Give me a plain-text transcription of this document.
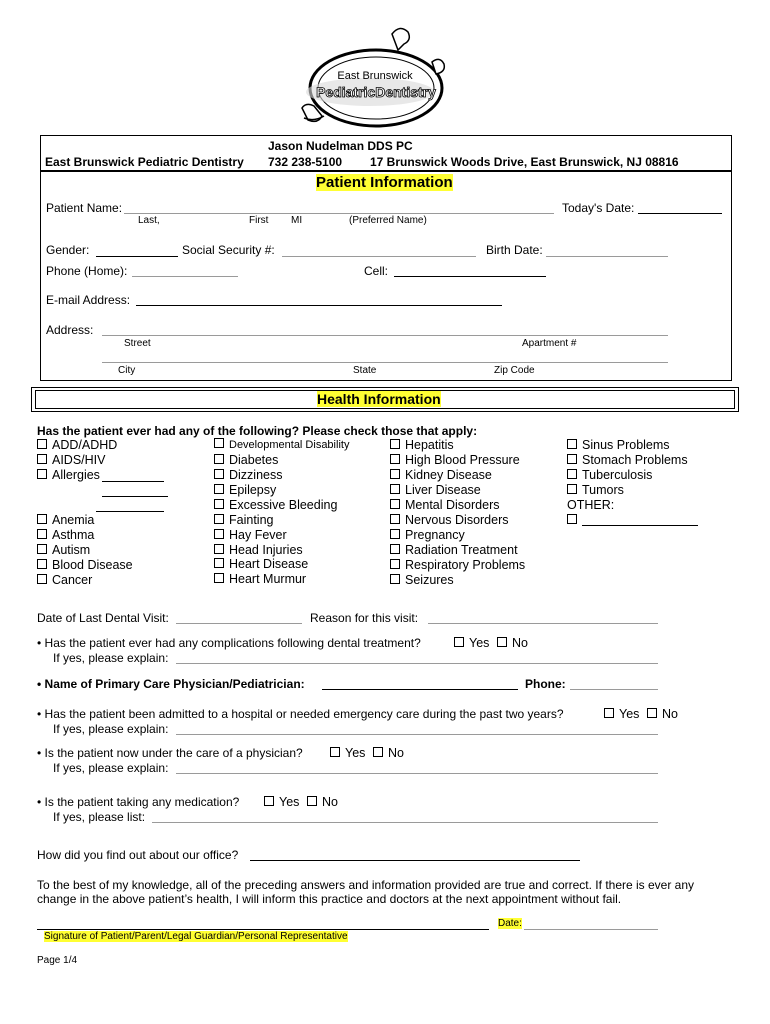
East Brunswick
PediatricDentistry
Jason Nudelman DDS PC
East Brunswick Pediatric Dentistry 732 238-5100 17 Brunswick Woods Drive, East Brunswick, NJ 08816
Patient Information
Patient Name:	Today's Date:
Last,	First MI	(Preferred Name)
Gender:	Social Security #:	Birth Date:
Phone (Home):	Cell:
E-mail Address:
Address:
Street	Apartment #
City	State	Zip Code
Health Information
Has the patient ever had any of the following? Please check those that apply:
ADD/ADHD
AIDS/HIV
Allergies
Anemia
Asthma
Autism
Blood Disease
Cancer
Developmental Disability
Diabetes
Dizziness
Epilepsy
Excessive Bleeding
Fainting
Hay Fever
Head Injuries
Heart Disease
Heart Murmur
Hepatitis
High Blood Pressure
Kidney Disease
Liver Disease
Mental Disorders
Nervous Disorders
Pregnancy
Radiation Treatment
Respiratory Problems
Seizures
Sinus Problems
Stomach Problems
Tuberculosis
Tumors
OTHER:
Date of Last Dental Visit:	Reason for this visit:
• Has the patient ever had any complications following dental treatment?	Yes	No
If yes, please explain:
• Name of Primary Care Physician/Pediatrician:	Phone:
• Has the patient been admitted to a hospital or needed emergency care during the past two years?	Yes	No
If yes, please explain:
• Is the patient now under the care of a physician?	Yes	No
If yes, please explain:
• Is the patient taking any medication?	Yes	No
If yes, please list:
How did you find out about our office?
To the best of my knowledge, all of the preceding answers and information provided are true and correct. If there is ever any
change in the above patient’s health, I will inform this practice and doctors at the next appointment without fail.
Date:
Signature of Patient/Parent/Legal Guardian/Personal Representative
Page 1/4
